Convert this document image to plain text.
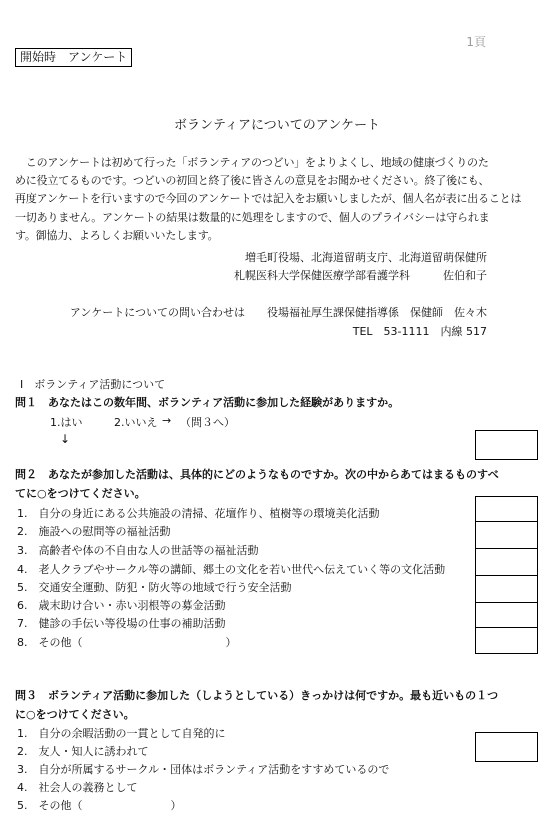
1頁
開始時　アンケート
ボランティアについてのアンケート
　このアンケートは初めて行った「ボランティアのつどい」をよりよくし、地域の健康づくりのた
めに役立てるものです。つどいの初回と終了後に皆さんの意見をお聞かせください。終了後にも、
再度アンケートを行いますので今回のアンケートでは記入をお願いしましたが、個人名が表に出ることは
一切ありません。アンケートの結果は数量的に処理をしますので、個人のプライバシーは守られま
す。御協力、よろしくお願いいたします。
増毛町役場、北海道留萌支庁、北海道留萌保健所
札幌医科大学保健医療学部看護学科　　　佐伯和子
アンケートについての問い合わせは　　役場福祉厚生課保健指導係　保健師　佐々木
TEL　53-1111　内線 517
Ⅰ　ボランティア活動について
問１　あなたはこの数年間、ボランティア活動に参加した経験がありますか。
1.はい	2.いいえ → （問３へ）
↓
問２　あなたが参加した活動は、具体的にどのようなものですか。次の中からあてはまるものすべ
てに○をつけてください。
1.　自分の身近にある公共施設の清掃、花壇作り、植樹等の環境美化活動
2.　施設への慰問等の福祉活動
3.　高齢者や体の不自由な人の世話等の福祉活動
4.　老人クラブやサークル等の講師、郷土の文化を若い世代へ伝えていく等の文化活動
5.　交通安全運動、防犯・防火等の地域で行う安全活動
6.　歳末助け合い・赤い羽根等の募金活動
7.　健診の手伝い等役場の仕事の補助活動
8.　その他（　　　　　　　　　　　　　）
問３　ボランティア活動に参加した（しようとしている）きっかけは何ですか。最も近いもの１つ
に○をつけてください。
1.　自分の余暇活動の一貫として自発的に
2.　友人・知人に誘われて
3.　自分が所属するサークル・団体はボランティア活動をすすめているので
4.　社会人の義務として
5.　その他（　　　　　　　　）
